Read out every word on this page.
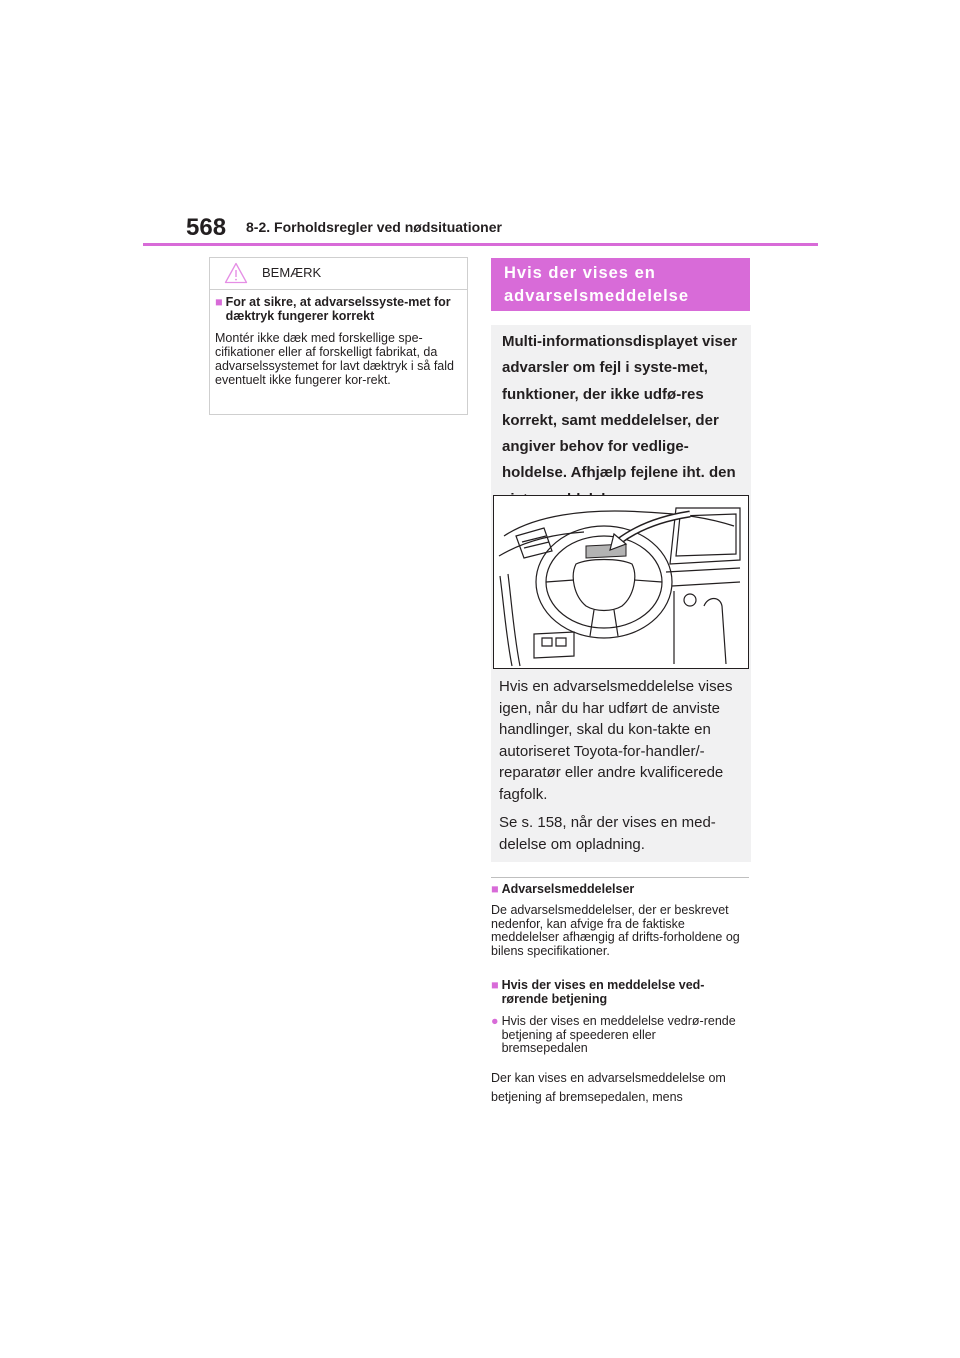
568 8-2. Forholdsregler ved nødsituationer
BEMÆRK
■ For at sikre, at advarselssyste-met for dæktryk fungerer korrekt
Montér ikke dæk med forskellige spe-cifikationer eller af forskelligt fabrikat, da advarselssystemet for lavt dæktryk i så fald eventuelt ikke fungerer kor-rekt.
Hvis der vises en advarselsmeddelelse
Multi-informationsdisplayet viser advarsler om fejl i syste-met, funktioner, der ikke udfø-res korrekt, samt meddelelser, der angiver behov for vedlige-holdelse. Afhjælp fejlene iht. den
Hvis en advarselsmeddelelse vises igen, når du har udført de anviste handlinger, skal du kon-takte en autoriseret Toyota-for-handler/-reparatør eller andre kvalificerede fagfolk.
Se s. 158, når der vises en med-delelse om opladning.
■ Advarselsmeddelelser
De advarselsmeddelelser, der er beskrevet nedenfor, kan afvige fra de faktiske meddelelser afhængig af drifts-forholdene og bilens specifikationer.
■ Hvis der vises en meddelelse ved-rørende betjening
● Hvis der vises en meddelelse vedrø-rende betjening af speederen eller bremsepedalen
Der kan vises en advarselsmeddelelse om betjening af bremsepedalen, mens
